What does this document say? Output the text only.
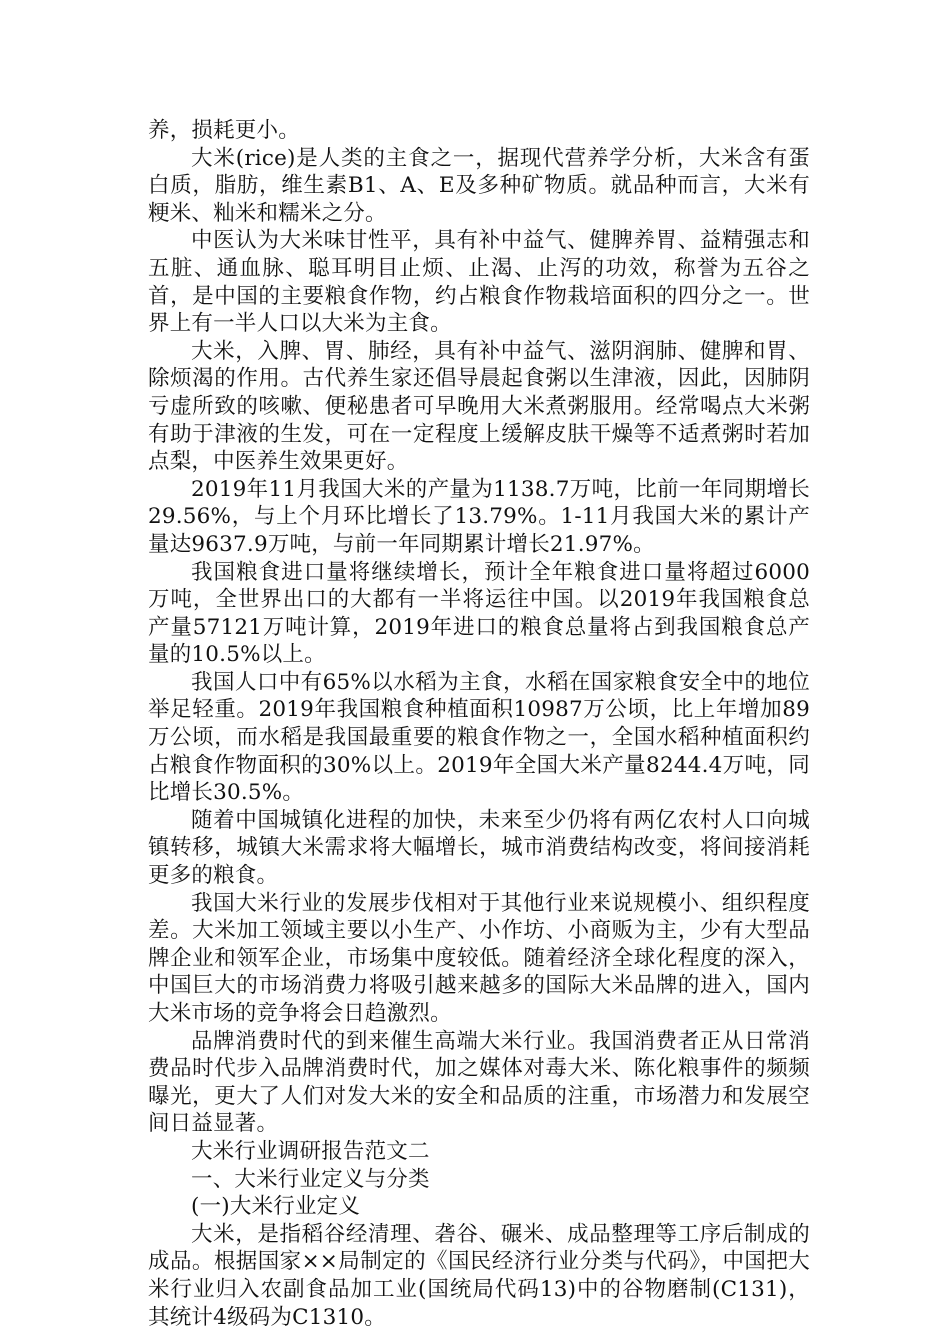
养，损耗更小。

大米(rice)是人类的主食之一，据现代营养学分析，大米含有蛋白质，脂肪，维生素B1、A、E及多种矿物质。就品种而言，大米有粳米、籼米和糯米之分。

中医认为大米味甘性平，具有补中益气、健脾养胃、益精强志和五脏、通血脉、聪耳明目止烦、止渴、止泻的功效，称誉为五谷之首，是中国的主要粮食作物，约占粮食作物栽培面积的四分之一。世界上有一半人口以大米为主食。

大米，入脾、胃、肺经，具有补中益气、滋阴润肺、健脾和胃、除烦渴的作用。古代养生家还倡导晨起食粥以生津液，因此，因肺阴亏虚所致的咳嗽、便秘患者可早晚用大米煮粥服用。经常喝点大米粥有助于津液的生发，可在一定程度上缓解皮肤干燥等不适煮粥时若加点梨，中医养生效果更好。

2019年11月我国大米的产量为1138.7万吨，比前一年同期增长29.56%，与上个月环比增长了13.79%。1-11月我国大米的累计产量达9637.9万吨，与前一年同期累计增长21.97%。

我国粮食进口量将继续增长，预计全年粮食进口量将超过6000万吨，全世界出口的大都有一半将运往中国。以2019年我国粮食总产量57121万吨计算，2019年进口的粮食总量将占到我国粮食总产量的10.5%以上。

我国人口中有65%以水稻为主食，水稻在国家粮食安全中的地位举足轻重。2019年我国粮食种植面积10987万公顷，比上年增加89万公顷，而水稻是我国最重要的粮食作物之一，全国水稻种植面积约占粮食作物面积的30%以上。2019年全国大米产量8244.4万吨，同比增长30.5%。

随着中国城镇化进程的加快，未来至少仍将有两亿农村人口向城镇转移，城镇大米需求将大幅增长，城市消费结构改变，将间接消耗更多的粮食。

我国大米行业的发展步伐相对于其他行业来说规模小、组织程度差。大米加工领域主要以小生产、小作坊、小商贩为主，少有大型品牌企业和领军企业，市场集中度较低。随着经济全球化程度的深入，中国巨大的市场消费力将吸引越来越多的国际大米品牌的进入，国内大米市场的竞争将会日趋激烈。

品牌消费时代的到来催生高端大米行业。我国消费者正从日常消费品时代步入品牌消费时代，加之媒体对毒大米、陈化粮事件的频频曝光，更大了人们对发大米的安全和品质的注重，市场潜力和发展空间日益显著。

大米行业调研报告范文二

一、大米行业定义与分类

(一)大米行业定义

大米，是指稻谷经清理、砻谷、碾米、成品整理等工序后制成的成品。根据国家××局制定的《国民经济行业分类与代码》，中国把大米行业归入农副食品加工业(国统局代码13)中的谷物磨制(C131)，其统计4级码为C1310。
